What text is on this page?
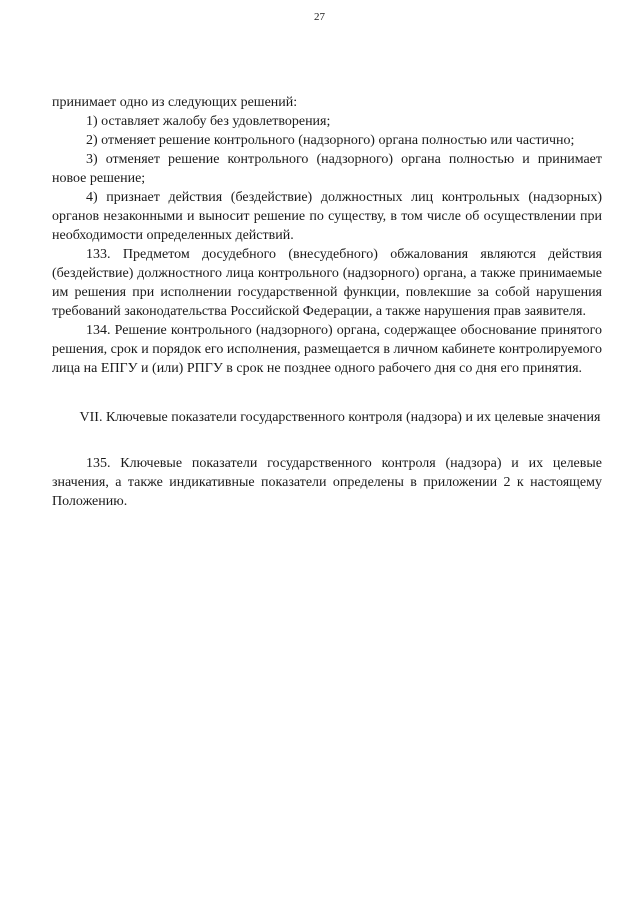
27

принимает одно из следующих решений:

1) оставляет жалобу без удовлетворения;

2) отменяет решение контрольного (надзорного) органа полностью или частично;

3) отменяет решение контрольного (надзорного) органа полностью и принимает новое решение;

4) признает действия (бездействие) должностных лиц контрольных (надзорных) органов незаконными и выносит решение по существу, в том числе об осуществлении при необходимости определенных действий.

133. Предметом досудебного (внесудебного) обжалования являются действия (бездействие) должностного лица контрольного (надзорного) органа, а также принимаемые им решения при исполнении государственной функции, повлекшие за собой нарушения требований законодательства Российской Федерации, а также нарушения прав заявителя.

134. Решение контрольного (надзорного) органа, содержащее обоснование принятого решения, срок и порядок его исполнения, размещается в личном кабинете контролируемого лица на ЕПГУ и (или) РПГУ в срок не позднее одного рабочего дня со дня его принятия.

VII. Ключевые показатели государственного контроля (надзора) и их целевые значения

135. Ключевые показатели государственного контроля (надзора) и их целевые значения, а также индикативные показатели определены в приложении 2 к настоящему Положению.
